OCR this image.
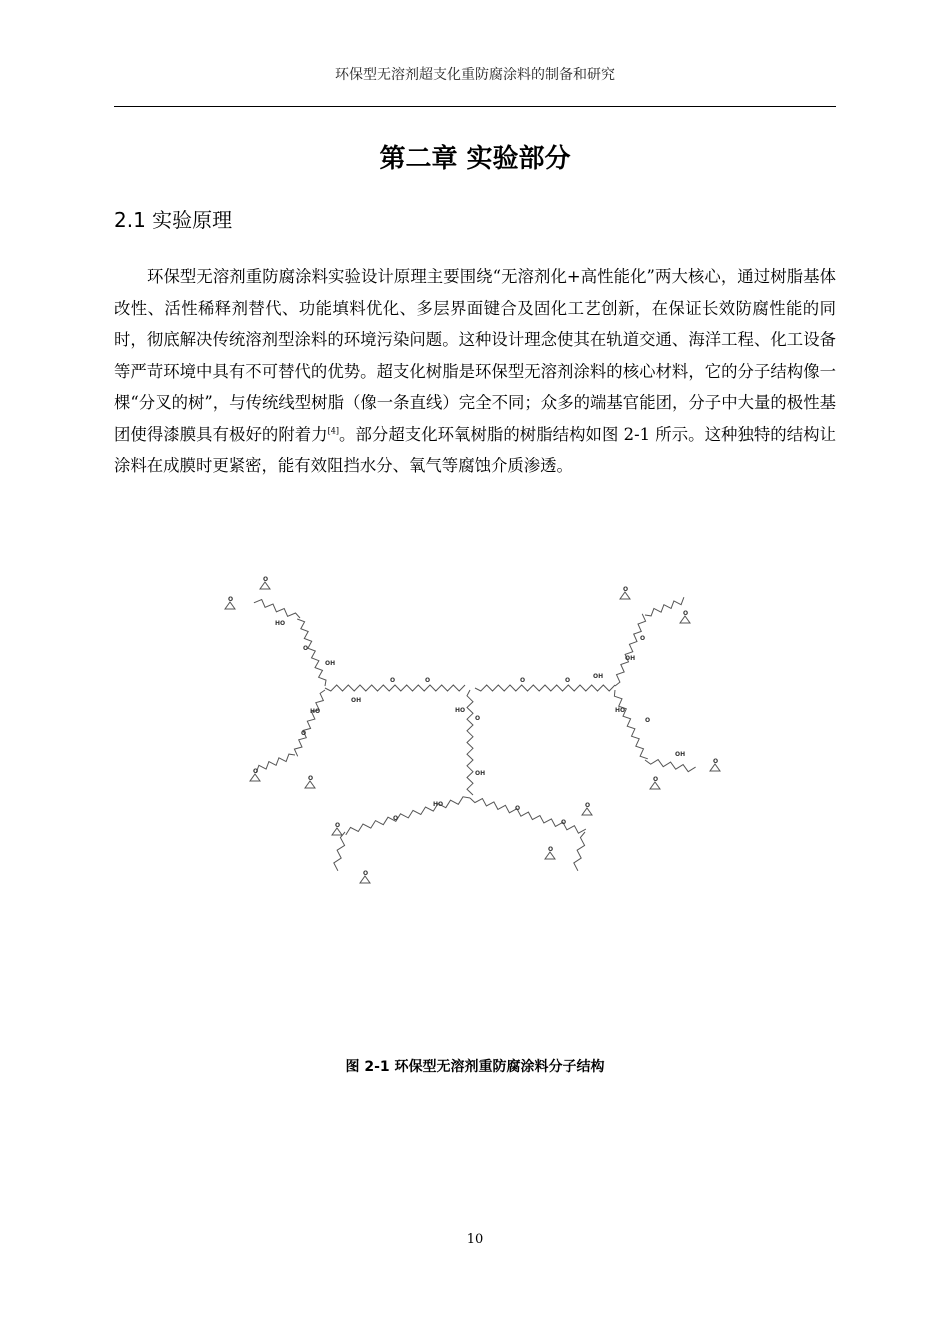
环保型无溶剂超支化重防腐涂料的制备和研究
第二章 实验部分
2.1 实验原理

环保型无溶剂重防腐涂料实验设计原理主要围绕“无溶剂化+高性能化”两大核心，通过树脂基体改性、活性稀释剂替代、功能填料优化、多层界面键合及固化工艺创新，在保证长效防腐性能的同时，彻底解决传统溶剂型涂料的环境污染问题。这种设计理念使其在轨道交通、海洋工程、化工设备等严苛环境中具有不可替代的优势。超支化树脂是环保型无溶剂涂料的核心材料，它的分子结构像一棵“分叉的树”，与传统线型树脂（像一条直线）完全不同；众多的端基官能团，分子中大量的极性基团使得漆膜具有极好的附着力[4]。部分超支化环氧树脂的树脂结构如图 2-1 所示。这种独特的结构让涂料在成膜时更紧密，能有效阻挡水分、氧气等腐蚀介质渗透。

OH
O	O	O	O
OH
HO
O
OH
HO
O
O
O
HO
O
OH
O
O
HO
O
O
O
OH
O
O
O
HO
O
OH
O
O
O
O
O
O
图 2-1 环保型无溶剂重防腐涂料分子结构
10
